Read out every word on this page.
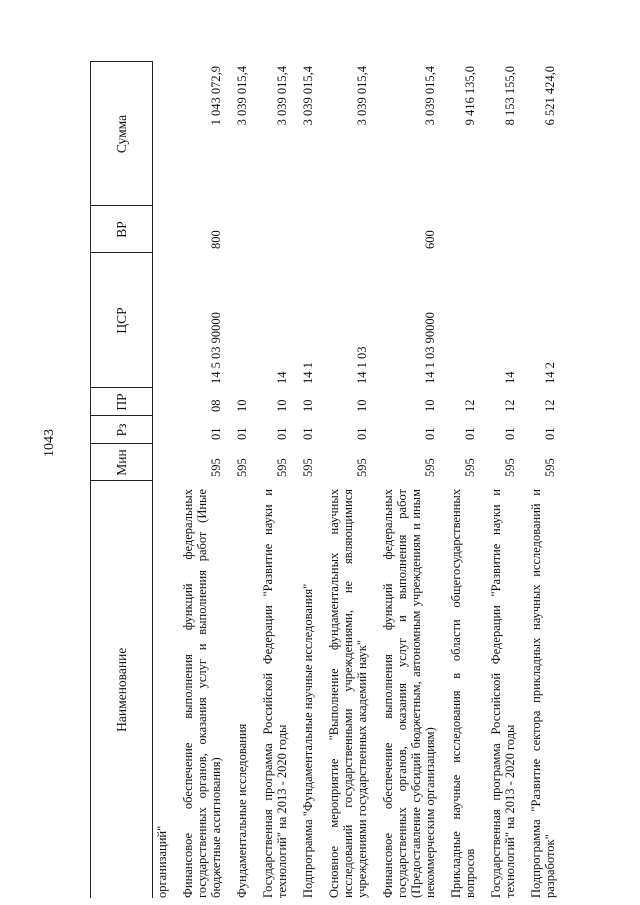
1043
Наименование	Мин	Рз	ПР	ЦСР	ВР	Сумма
организаций"						

Финансовое обеспечение выполнения функций федеральных государственных органов, оказания услуг и выполнения работ (Иные бюджетные ассигнования)	595	01	08	14 5 03 90000	800	1 043 072,9

Фундаментальные исследования	595	01	10			3 039 015,4

Государственная программа Российской Федерации "Развитие науки и технологий" на 2013 - 2020 годы	595	01	10	14		3 039 015,4

Подпрограмма "Фундаментальные научные исследования"	595	01	10	14 1		3 039 015,4

Основное мероприятие "Выполнение фундаментальных научных исследований государственными учреждениями, не являющимися учреждениями государственных академий наук"	595	01	10	14 1 03		3 039 015,4

Финансовое обеспечение выполнения функций федеральных государственных органов, оказания услуг и выполнения работ (Предоставление субсидий бюджетным, автономным учреждениям и иным некоммерческим организациям)	595	01	10	14 1 03 90000	600	3 039 015,4

Прикладные научные исследования в области общегосударственных вопросов	595	01	12			9 416 135,0

Государственная программа Российской Федерации "Развитие науки и технологий" на 2013 - 2020 годы	595	01	12	14		8 153 155,0

Подпрограмма "Развитие сектора прикладных научных исследований и разработок"	595	01	12	14 2		6 521 424,0
